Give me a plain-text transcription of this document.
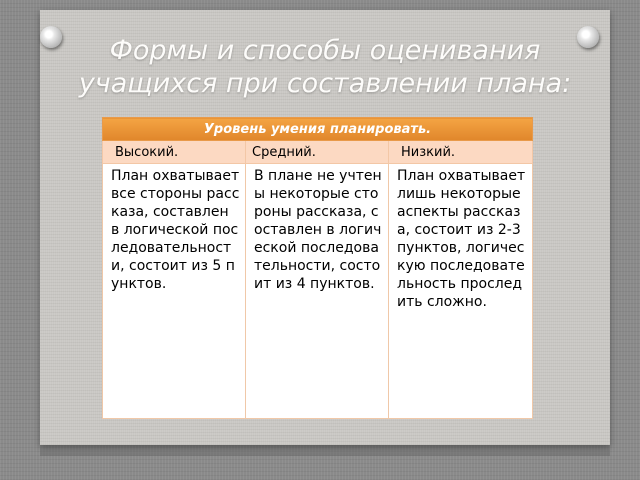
Формы и способы оценивания учащихся при составлении плана:
Уровень умения планировать.		
Высокий.	Средний.	Низкий.
План охватывает все стороны рассказа, составлен в логической последовательности, состоит из 5 пунктов.	В плане не учтены некоторые стороны рассказа, составлен в логической последовательности, состоит из 4 пунктов.	План охватывает лишь некоторые аспекты рассказа, состоит из 2-3 пунктов, логическую последовательность проследить сложно.
